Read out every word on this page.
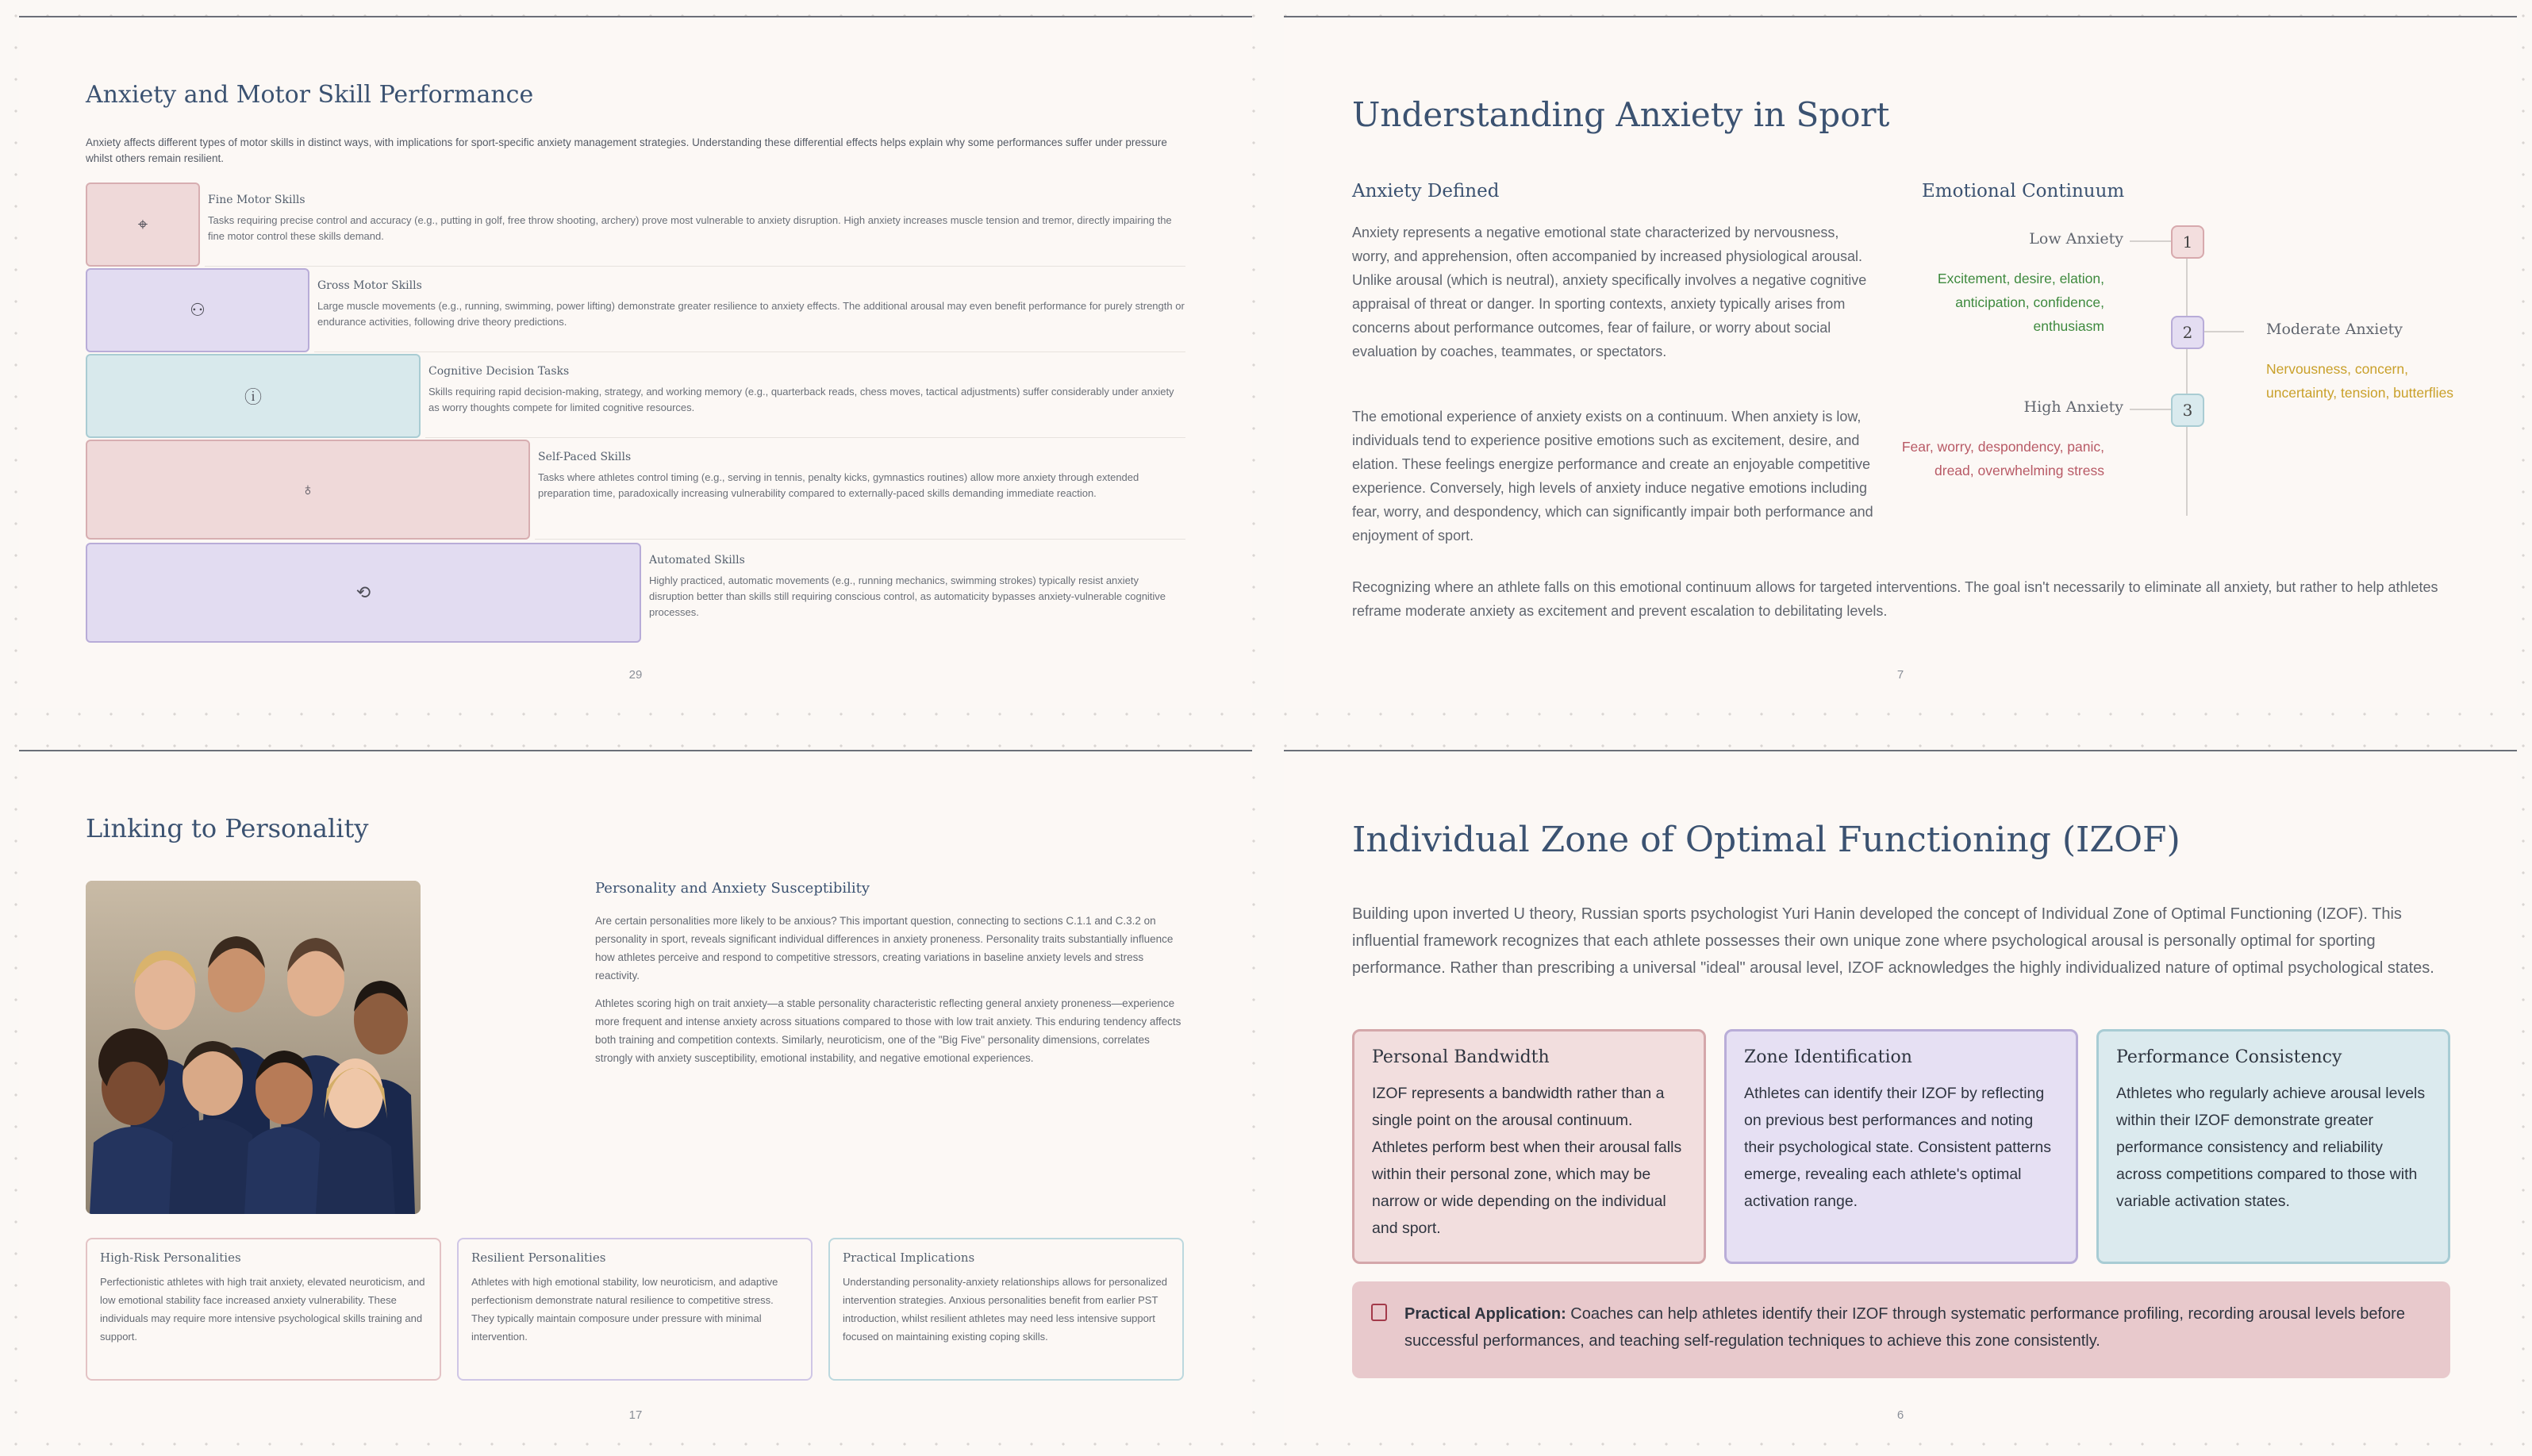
Anxiety and Motor Skill Performance

Anxiety affects different types of motor skills in distinct ways, with implications for sport-specific anxiety management strategies. Understanding these differential effects helps explain why some performances suffer under pressure whilst others remain resilient.

⌖

Fine Motor Skills

Tasks requiring precise control and accuracy (e.g., putting in golf, free throw shooting, archery) prove most vulnerable to anxiety disruption. High anxiety increases muscle tension and tremor, directly impairing the fine motor control these skills demand.

⚇

Gross Motor Skills

Large muscle movements (e.g., running, swimming, power lifting) demonstrate greater resilience to anxiety effects. The additional arousal may even benefit performance for purely strength or endurance activities, following drive theory predictions.

ⓘ

Cognitive Decision Tasks

Skills requiring rapid decision-making, strategy, and working memory (e.g., quarterback reads, chess moves, tactical adjustments) suffer considerably under anxiety as worry thoughts compete for limited cognitive resources.

♁

Self-Paced Skills

Tasks where athletes control timing (e.g., serving in tennis, penalty kicks, gymnastics routines) allow more anxiety through extended preparation time, paradoxically increasing vulnerability compared to externally-paced skills demanding immediate reaction.

⟲

Automated Skills

Highly practiced, automatic movements (e.g., running mechanics, swimming strokes) typically resist anxiety disruption better than skills still requiring conscious control, as automaticity bypasses anxiety-vulnerable cognitive processes.

29
Understanding Anxiety in Sport

Anxiety Defined

Anxiety represents a negative emotional state characterized by nervousness, worry, and apprehension, often accompanied by increased physiological arousal. Unlike arousal (which is neutral), anxiety specifically involves a negative cognitive appraisal of threat or danger. In sporting contexts, anxiety typically arises from concerns about performance outcomes, fear of failure, or worry about social evaluation by coaches, teammates, or spectators.

The emotional experience of anxiety exists on a continuum. When anxiety is low, individuals tend to experience positive emotions such as excitement, desire, and elation. These feelings energize performance and create an enjoyable competitive experience. Conversely, high levels of anxiety induce negative emotions including fear, worry, and despondency, which can significantly impair both performance and enjoyment of sport.

Emotional Continuum

1
Low Anxiety

Excitement, desire, elation, anticipation, confidence, enthusiasm	2	Moderate Anxiety

Nervousness, concern, uncertainty, tension, butterflies

3
High Anxiety

Fear, worry, despondency, panic, dread, overwhelming stress

Recognizing where an athlete falls on this emotional continuum allows for targeted interventions. The goal isn't necessarily to eliminate all anxiety, but rather to help athletes reframe moderate anxiety as excitement and prevent escalation to debilitating levels.

7
Linking to Personality

Personality and Anxiety Susceptibility

Are certain personalities more likely to be anxious? This important question, connecting to sections C.1.1 and C.3.2 on personality in sport, reveals significant individual differences in anxiety proneness. Personality traits substantially influence how athletes perceive and respond to competitive stressors, creating variations in baseline anxiety levels and stress reactivity.

Athletes scoring high on trait anxiety—a stable personality characteristic reflecting general anxiety proneness—experience more frequent and intense anxiety across situations compared to those with low trait anxiety. This enduring tendency affects both training and competition contexts. Similarly, neuroticism, one of the "Big Five" personality dimensions, correlates strongly with anxiety susceptibility, emotional instability, and negative emotional experiences.

High-Risk Personalities

Perfectionistic athletes with high trait anxiety, elevated neuroticism, and low emotional stability face increased anxiety vulnerability. These individuals may require more intensive psychological skills training and support.

Resilient Personalities

Athletes with high emotional stability, low neuroticism, and adaptive perfectionism demonstrate natural resilience to competitive stress. They typically maintain composure under pressure with minimal intervention.

Practical Implications

Understanding personality-anxiety relationships allows for personalized intervention strategies. Anxious personalities benefit from earlier PST introduction, whilst resilient athletes may need less intensive support focused on maintaining existing coping skills.

17
Individual Zone of Optimal Functioning (IZOF)

Building upon inverted U theory, Russian sports psychologist Yuri Hanin developed the concept of Individual Zone of Optimal Functioning (IZOF). This influential framework recognizes that each athlete possesses their own unique zone where psychological arousal is personally optimal for sporting performance. Rather than prescribing a universal "ideal" arousal level, IZOF acknowledges the highly individualized nature of optimal psychological states.

Personal Bandwidth

IZOF represents a bandwidth rather than a single point on the arousal continuum. Athletes perform best when their arousal falls within their personal zone, which may be narrow or wide depending on the individual and sport.

Zone Identification

Athletes can identify their IZOF by reflecting on previous best performances and noting their psychological state. Consistent patterns emerge, revealing each athlete's optimal activation range.

Performance Consistency

Athletes who regularly achieve arousal levels within their IZOF demonstrate greater performance consistency and reliability across competitions compared to those with variable activation states.

Practical Application: Coaches can help athletes identify their IZOF through systematic performance profiling, recording arousal levels before successful performances, and teaching self-regulation techniques to achieve this zone consistently.

6
